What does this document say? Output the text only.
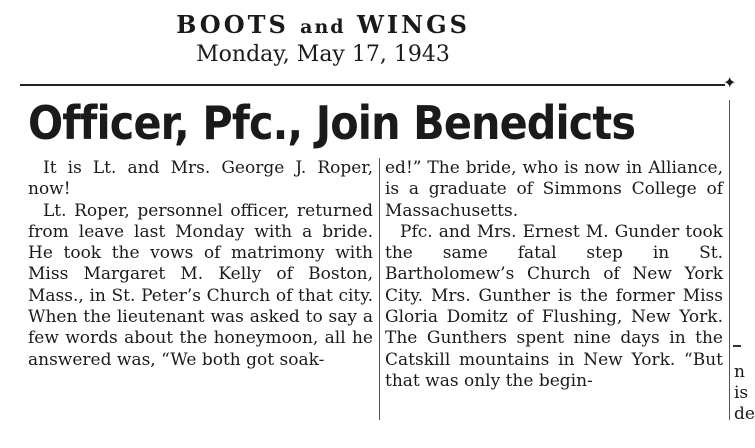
BOOTS and WINGS
Monday, May 17, 1943
✦
Officer, Pfc., Join Benedicts

It is Lt. and Mrs. George J. Roper, now!

Lt. Roper, personnel officer, returned from leave last Monday with a bride. He took the vows of matrimony with Miss Margaret M. Kelly of Boston, Mass., in St. Peter’s Church of that city. When the lieutenant was asked to say a few words about the honeymoon, all he answered was, “We both got soak-

ed!” The bride, who is now in Alliance, is a graduate of Simmons College of Massachusetts.

Pfc. and Mrs. Ernest M. Gunder took the same fatal step in St. Bartholomew’s Church of New York City. Mrs. Gunther is the former Miss Gloria Domitz of Flushing, New York. The Gunthers spent nine days in the Catskill mountains in New York. “But that was only the begin-	n
is
de
